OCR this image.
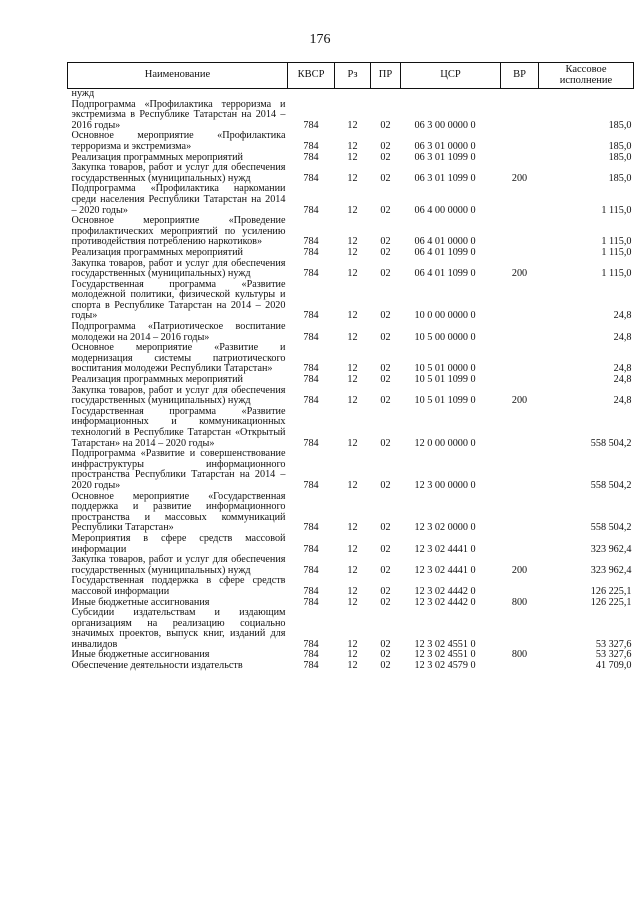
176
Наименование	КВСР	Рз	ПР	ЦСР	ВР	Кассовое исполнение
нужд						
Подпрограмма «Профилактика терроризма и экстремизма в Республике Татарстан на 2014 – 2016 годы»	784	12	02	06 3 00 0000 0		185,0
Основное мероприятие «Профилактика терроризма и экстремизма»	784	12	02	06 3 01 0000 0		185,0
Реализация программных мероприятий	784	12	02	06 3 01 1099 0		185,0
Закупка товаров, работ и услуг для обеспечения государственных (муниципальных) нужд	784	12	02	06 3 01 1099 0	200	185,0
Подпрограмма «Профилактика наркомании среди населения Республики Татарстан на 2014 – 2020 годы»	784	12	02	06 4 00 0000 0		1 115,0
Основное мероприятие «Проведение профилактических мероприятий по усилению противодействия потреблению наркотиков»	784	12	02	06 4 01 0000 0		1 115,0
Реализация программных мероприятий	784	12	02	06 4 01 1099 0		1 115,0
Закупка товаров, работ и услуг для обеспечения государственных (муниципальных) нужд	784	12	02	06 4 01 1099 0	200	1 115,0
Государственная программа «Развитие молодежной политики, физической культуры и спорта в Республике Татарстан на 2014 – 2020 годы»	784	12	02	10 0 00 0000 0		24,8
Подпрограмма «Патриотическое воспитание молодежи на 2014 – 2016 годы»	784	12	02	10 5 00 0000 0		24,8
Основное мероприятие «Развитие и модернизация системы патриотического воспитания молодежи Республики Татарстан»	784	12	02	10 5 01 0000 0		24,8
Реализация программных мероприятий	784	12	02	10 5 01 1099 0		24,8
Закупка товаров, работ и услуг для обеспечения государственных (муниципальных) нужд	784	12	02	10 5 01 1099 0	200	24,8
Государственная программа «Развитие информационных и коммуникационных технологий в Республике Татарстан «Открытый Татарстан» на 2014 – 2020 годы»	784	12	02	12 0 00 0000 0		558 504,2
Подпрограмма «Развитие и совершенствование инфраструктуры информационного пространства Республики Татарстан на 2014 – 2020 годы»	784	12	02	12 3 00 0000 0		558 504,2
Основное мероприятие «Государственная поддержка и развитие информационного пространства и массовых коммуникаций Республики Татарстан»	784	12	02	12 3 02 0000 0		558 504,2
Мероприятия в сфере средств массовой информации	784	12	02	12 3 02 4441 0		323 962,4
Закупка товаров, работ и услуг для обеспечения государственных (муниципальных) нужд	784	12	02	12 3 02 4441 0	200	323 962,4
Государственная поддержка в сфере средств массовой информации	784	12	02	12 3 02 4442 0		126 225,1
Иные бюджетные ассигнования	784	12	02	12 3 02 4442 0	800	126 225,1
Субсидии издательствам и издающим организациям на реализацию социально значимых проектов, выпуск книг, изданий для инвалидов	784	12	02	12 3 02 4551 0		53 327,6
Иные бюджетные ассигнования	784	12	02	12 3 02 4551 0	800	53 327,6
Обеспечение деятельности издательств	784	12	02	12 3 02 4579 0		41 709,0
